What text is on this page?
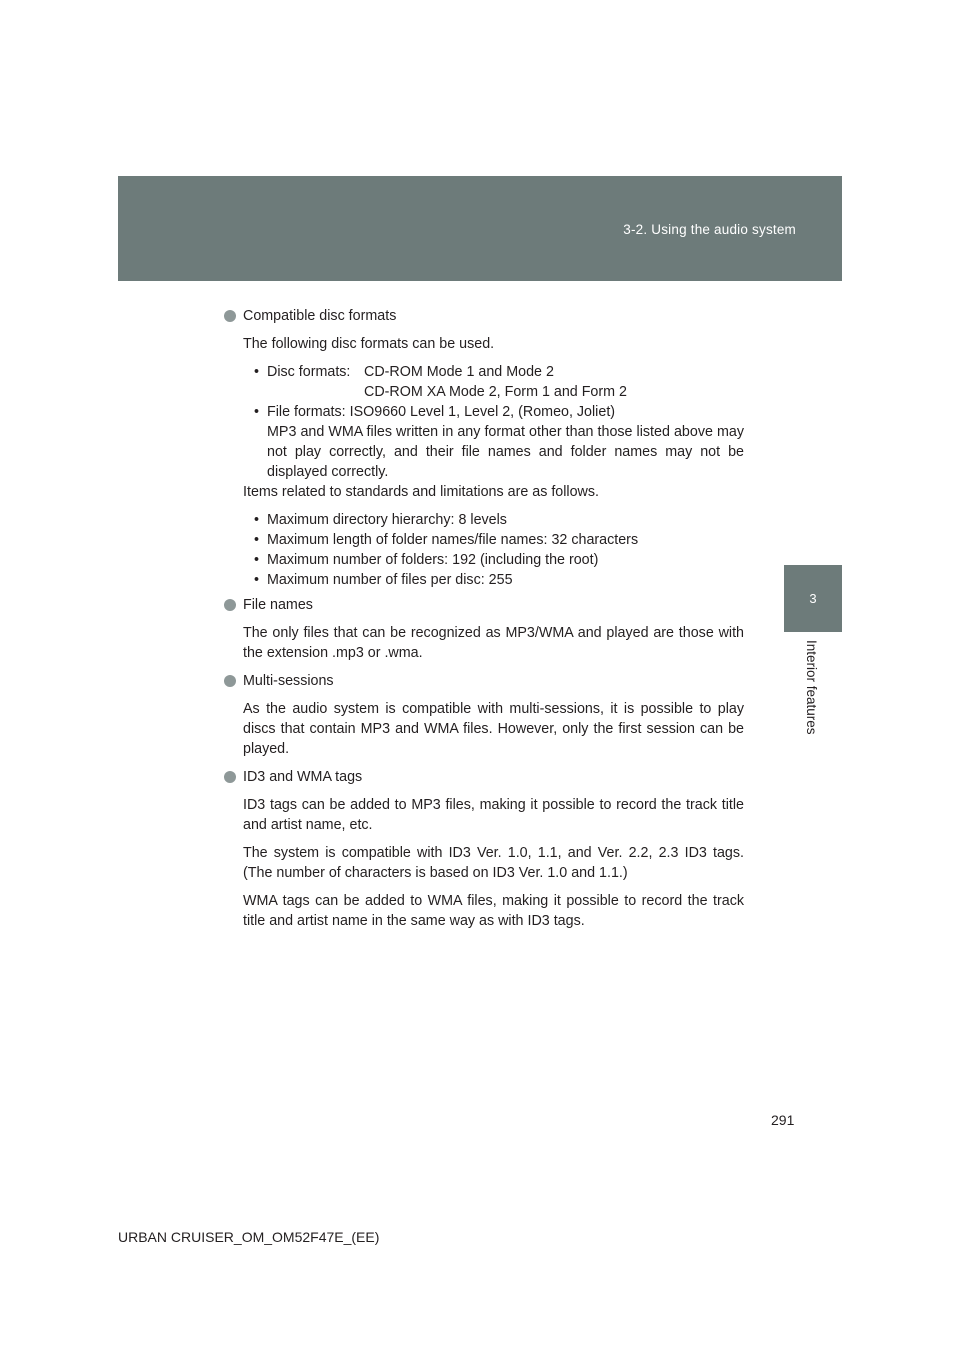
3-2. Using the audio system
3
Interior features

Compatible disc formats

The following disc formats can be used.

• Disc formats: CD-ROM Mode 1 and Mode 2
CD-ROM XA Mode 2, Form 1 and Form 2
• File formats: ISO9660 Level 1, Level 2, (Romeo, Joliet)
MP3 and WMA files written in any format other than those listed above may not play correctly, and their file names and folder names may not be displayed correctly.

Items related to standards and limitations are as follows.

• Maximum directory hierarchy: 8 levels
• Maximum length of folder names/file names: 32 characters
• Maximum number of folders: 192 (including the root)
• Maximum number of files per disc: 255

File names

The only files that can be recognized as MP3/WMA and played are those with the extension .mp3 or .wma.

Multi-sessions

As the audio system is compatible with multi-sessions, it is possible to play discs that contain MP3 and WMA files. However, only the first session can be played.

ID3 and WMA tags

ID3 tags can be added to MP3 files, making it possible to record the track title and artist name, etc.

The system is compatible with ID3 Ver. 1.0, 1.1, and Ver. 2.2, 2.3 ID3 tags. (The number of characters is based on ID3 Ver. 1.0 and 1.1.)

WMA tags can be added to WMA files, making it possible to record the track title and artist name in the same way as with ID3 tags.

291
URBAN CRUISER_OM_OM52F47E_(EE)
